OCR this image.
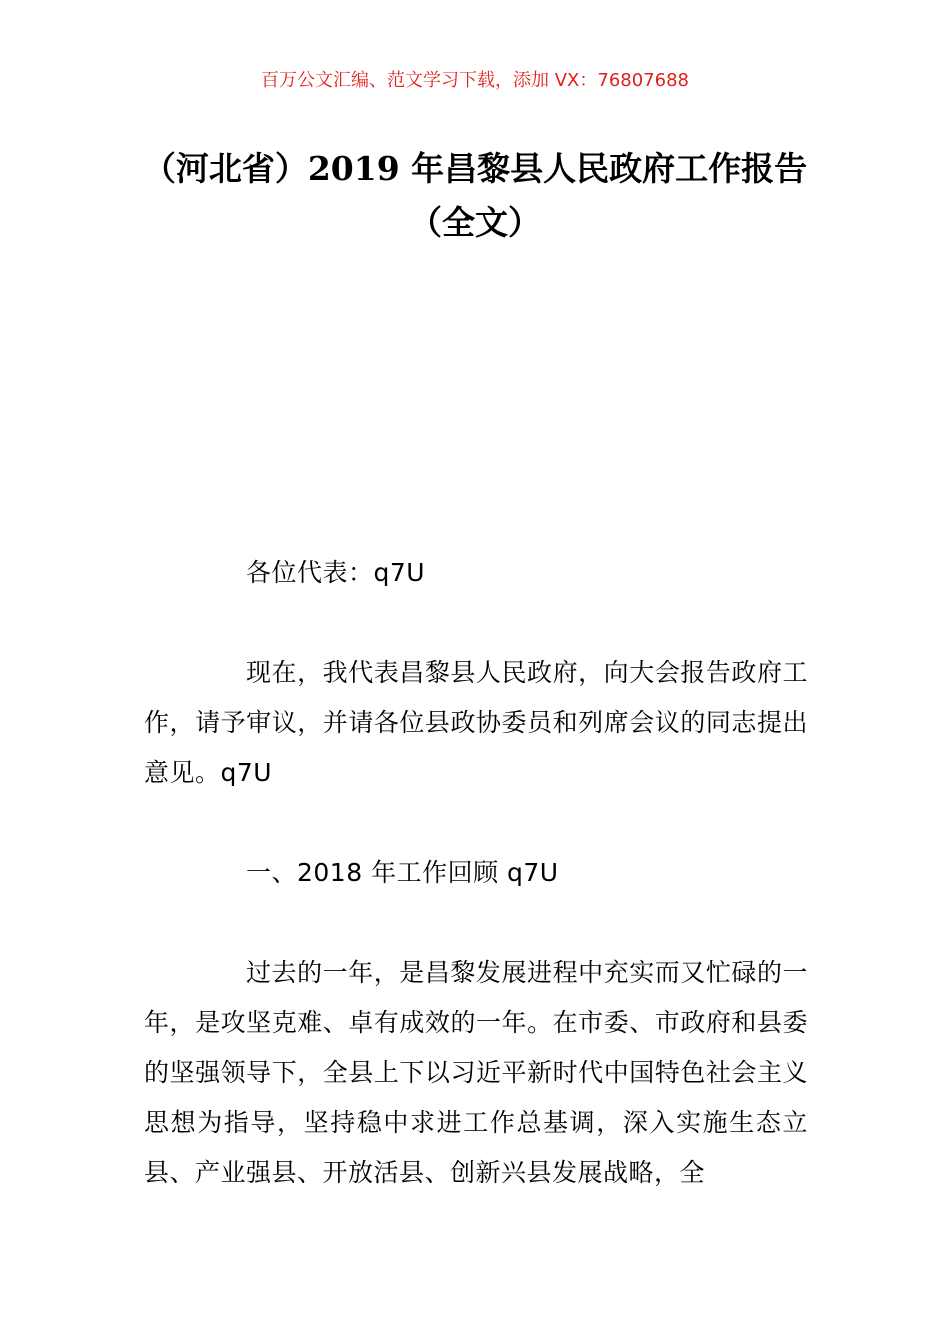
百万公文汇编、范文学习下载，添加 VX：76807688
（河北省）2019 年昌黎县人民政府工作报告（全文）

各位代表：q7U

现在，我代表昌黎县人民政府，向大会报告政府工作，请予审议，并请各位县政协委员和列席会议的同志提出意见。q7U

一、2018 年工作回顾 q7U

过去的一年，是昌黎发展进程中充实而又忙碌的一年，是攻坚克难、卓有成效的一年。在市委、市政府和县委的坚强领导下，全县上下以习近平新时代中国特色社会主义思想为指导，坚持稳中求进工作总基调，深入实施生态立县、产业强县、开放活县、创新兴县发展战略，全
